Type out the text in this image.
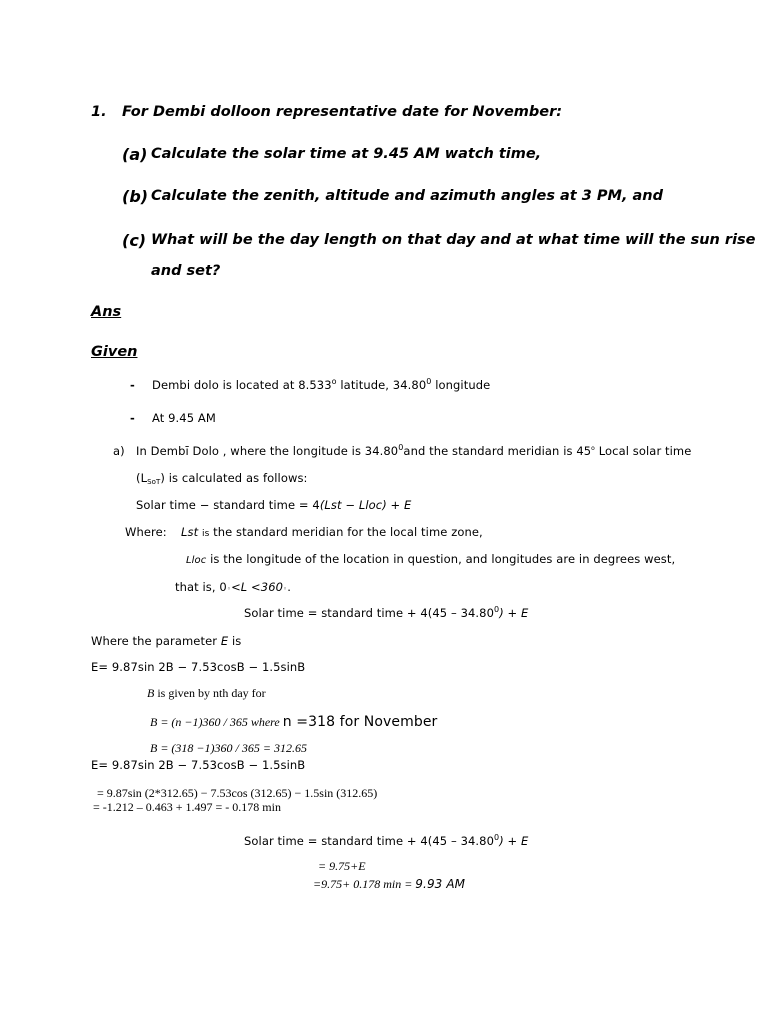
1. For Dembi dolloon representative date for November:
(a) Calculate the solar time at 9.45 AM watch time,
(b) Calculate the zenith, altitude and azimuth angles at 3 PM, and
(c) What will be the day length on that day and at what time will the sun rise
and set?
Ans
Given
- Dembi dolo is located at 8.533$^o$ latitude, 34.80$^0$ longitude
- At 9.45 AM
a) In Dembī Dolo , where the longitude is 34.80$^0$and the standard meridian is 45$^o$ Local solar time
$(L_{SoT})$ is calculated as follows:
Solar time − standard time = 4(Lst − Lloc) + E
Where: Lst is the standard meridian for the local time zone,
Lloc is the longitude of the location in question, and longitudes are in degrees west,
that is, 0◦<L <360◦.
Solar time = standard time + $4(45 - 34.80^0) + E$
Where the parameter E is
E= 9.87sin 2B − 7.53cosB − 1.5sinB
B is given by nth day for
B = (n −1)360 / 365 where n =318 for November
B = (318 −1)360 / 365 = 312.65
E= 9.87sin 2B − 7.53cosB − 1.5sinB
= 9.87sin (2*312.65) − 7.53cos (312.65) − 1.5sin (312.65)
= -1.212 – 0.463 + 1.497 = - 0.178 min
Solar time = standard time + $4(45 - 34.80^0) + E$
= 9.75+E
=9.75+ 0.178 min = 9.93 AM
